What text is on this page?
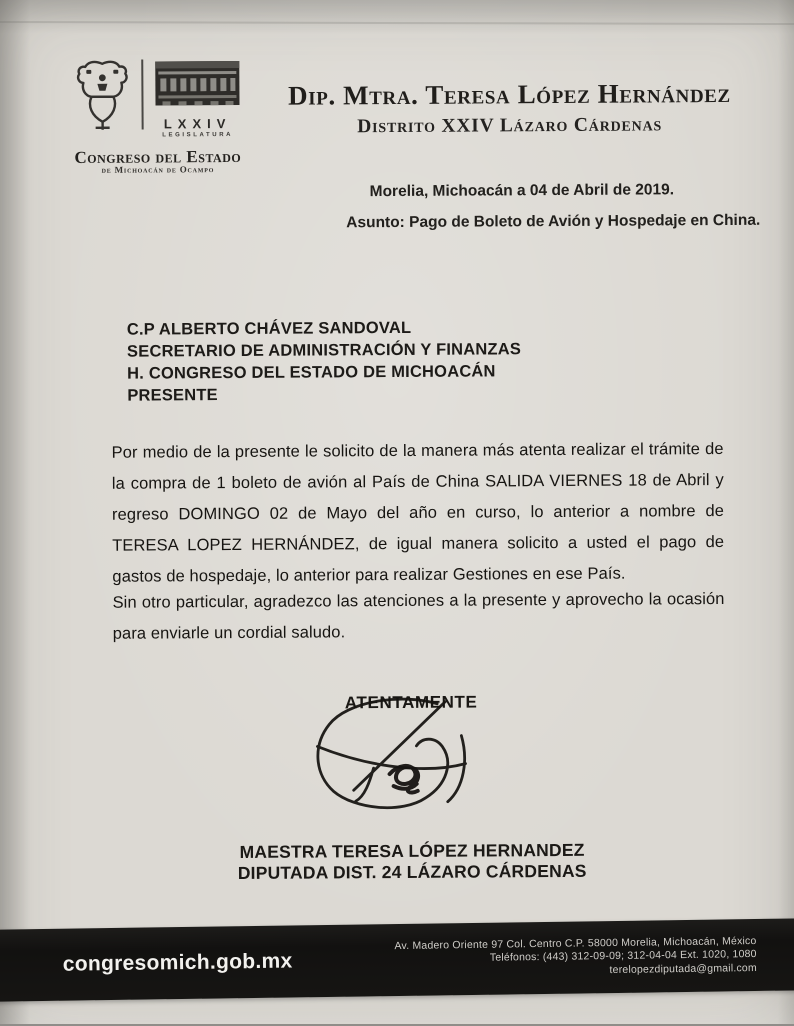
LXXIV
LEGISLATURA
Congreso del Estado
de Michoacán de Ocampo
Dip. Mtra. Teresa López Hernández
Distrito XXIV Lázaro Cárdenas
Morelia, Michoacán a 04 de Abril de 2019.
Asunto: Pago de Boleto de Avión y Hospedaje en China.
C.P ALBERTO CHÁVEZ SANDOVAL
SECRETARIO DE ADMINISTRACIÓN Y FINANZAS
H. CONGRESO DEL ESTADO DE MICHOACÁN
PRESENTE
Por medio de la presente le solicito de la manera más atenta realizar el trámite de la compra de 1 boleto de avión al País de China SALIDA VIERNES 18 de Abril y regreso DOMINGO 02 de Mayo del año en curso, lo anterior a nombre de TERESA LOPEZ HERNÁNDEZ, de igual manera solicito a usted el pago de gastos de hospedaje, lo anterior para realizar Gestiones en ese País.
Sin otro particular, agradezco las atenciones a la presente y aprovecho la ocasión para enviarle un cordial saludo.
ATENTAMENTE
MAESTRA TERESA LÓPEZ HERNANDEZ
DIPUTADA DIST. 24 LÁZARO CÁRDENAS
congresomich.gob.mx
Av. Madero Oriente 97 Col. Centro C.P. 58000 Morelia, Michoacán, México
Teléfonos: (443) 312-09-09; 312-04-04 Ext. 1020, 1080
terelopezdiputada@gmail.com
